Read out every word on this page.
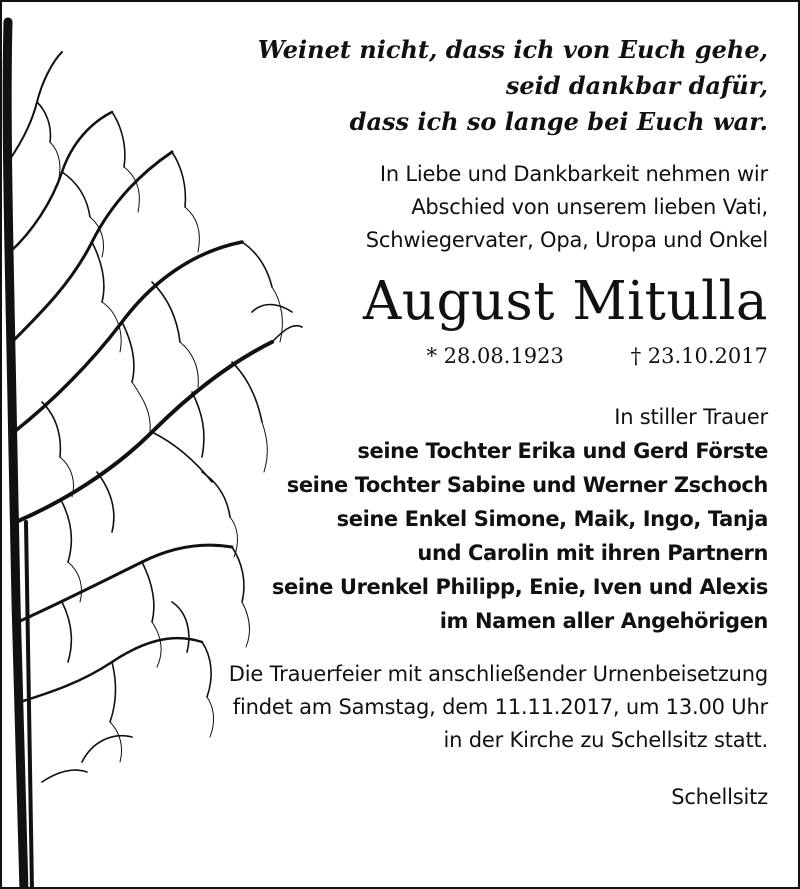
Weinet nicht, dass ich von Euch gehe,
seid dankbar dafür,
dass ich so lange bei Euch war.
In Liebe und Dankbarkeit nehmen wir
Abschied von unserem lieben Vati,
Schwiegervater, Opa, Uropa und Onkel
August Mitulla
* 28.08.1923	† 23.10.2017
In stiller Trauer
seine Tochter Erika und Gerd Förste
seine Tochter Sabine und Werner Zschoch
seine Enkel Simone, Maik, Ingo, Tanja
und Carolin mit ihren Partnern
seine Urenkel Philipp, Enie, Iven und Alexis
im Namen aller Angehörigen
Die Trauerfeier mit anschließender Urnenbeisetzung
findet am Samstag, dem 11.11.2017, um 13.00 Uhr
in der Kirche zu Schellsitz statt.
Schellsitz
